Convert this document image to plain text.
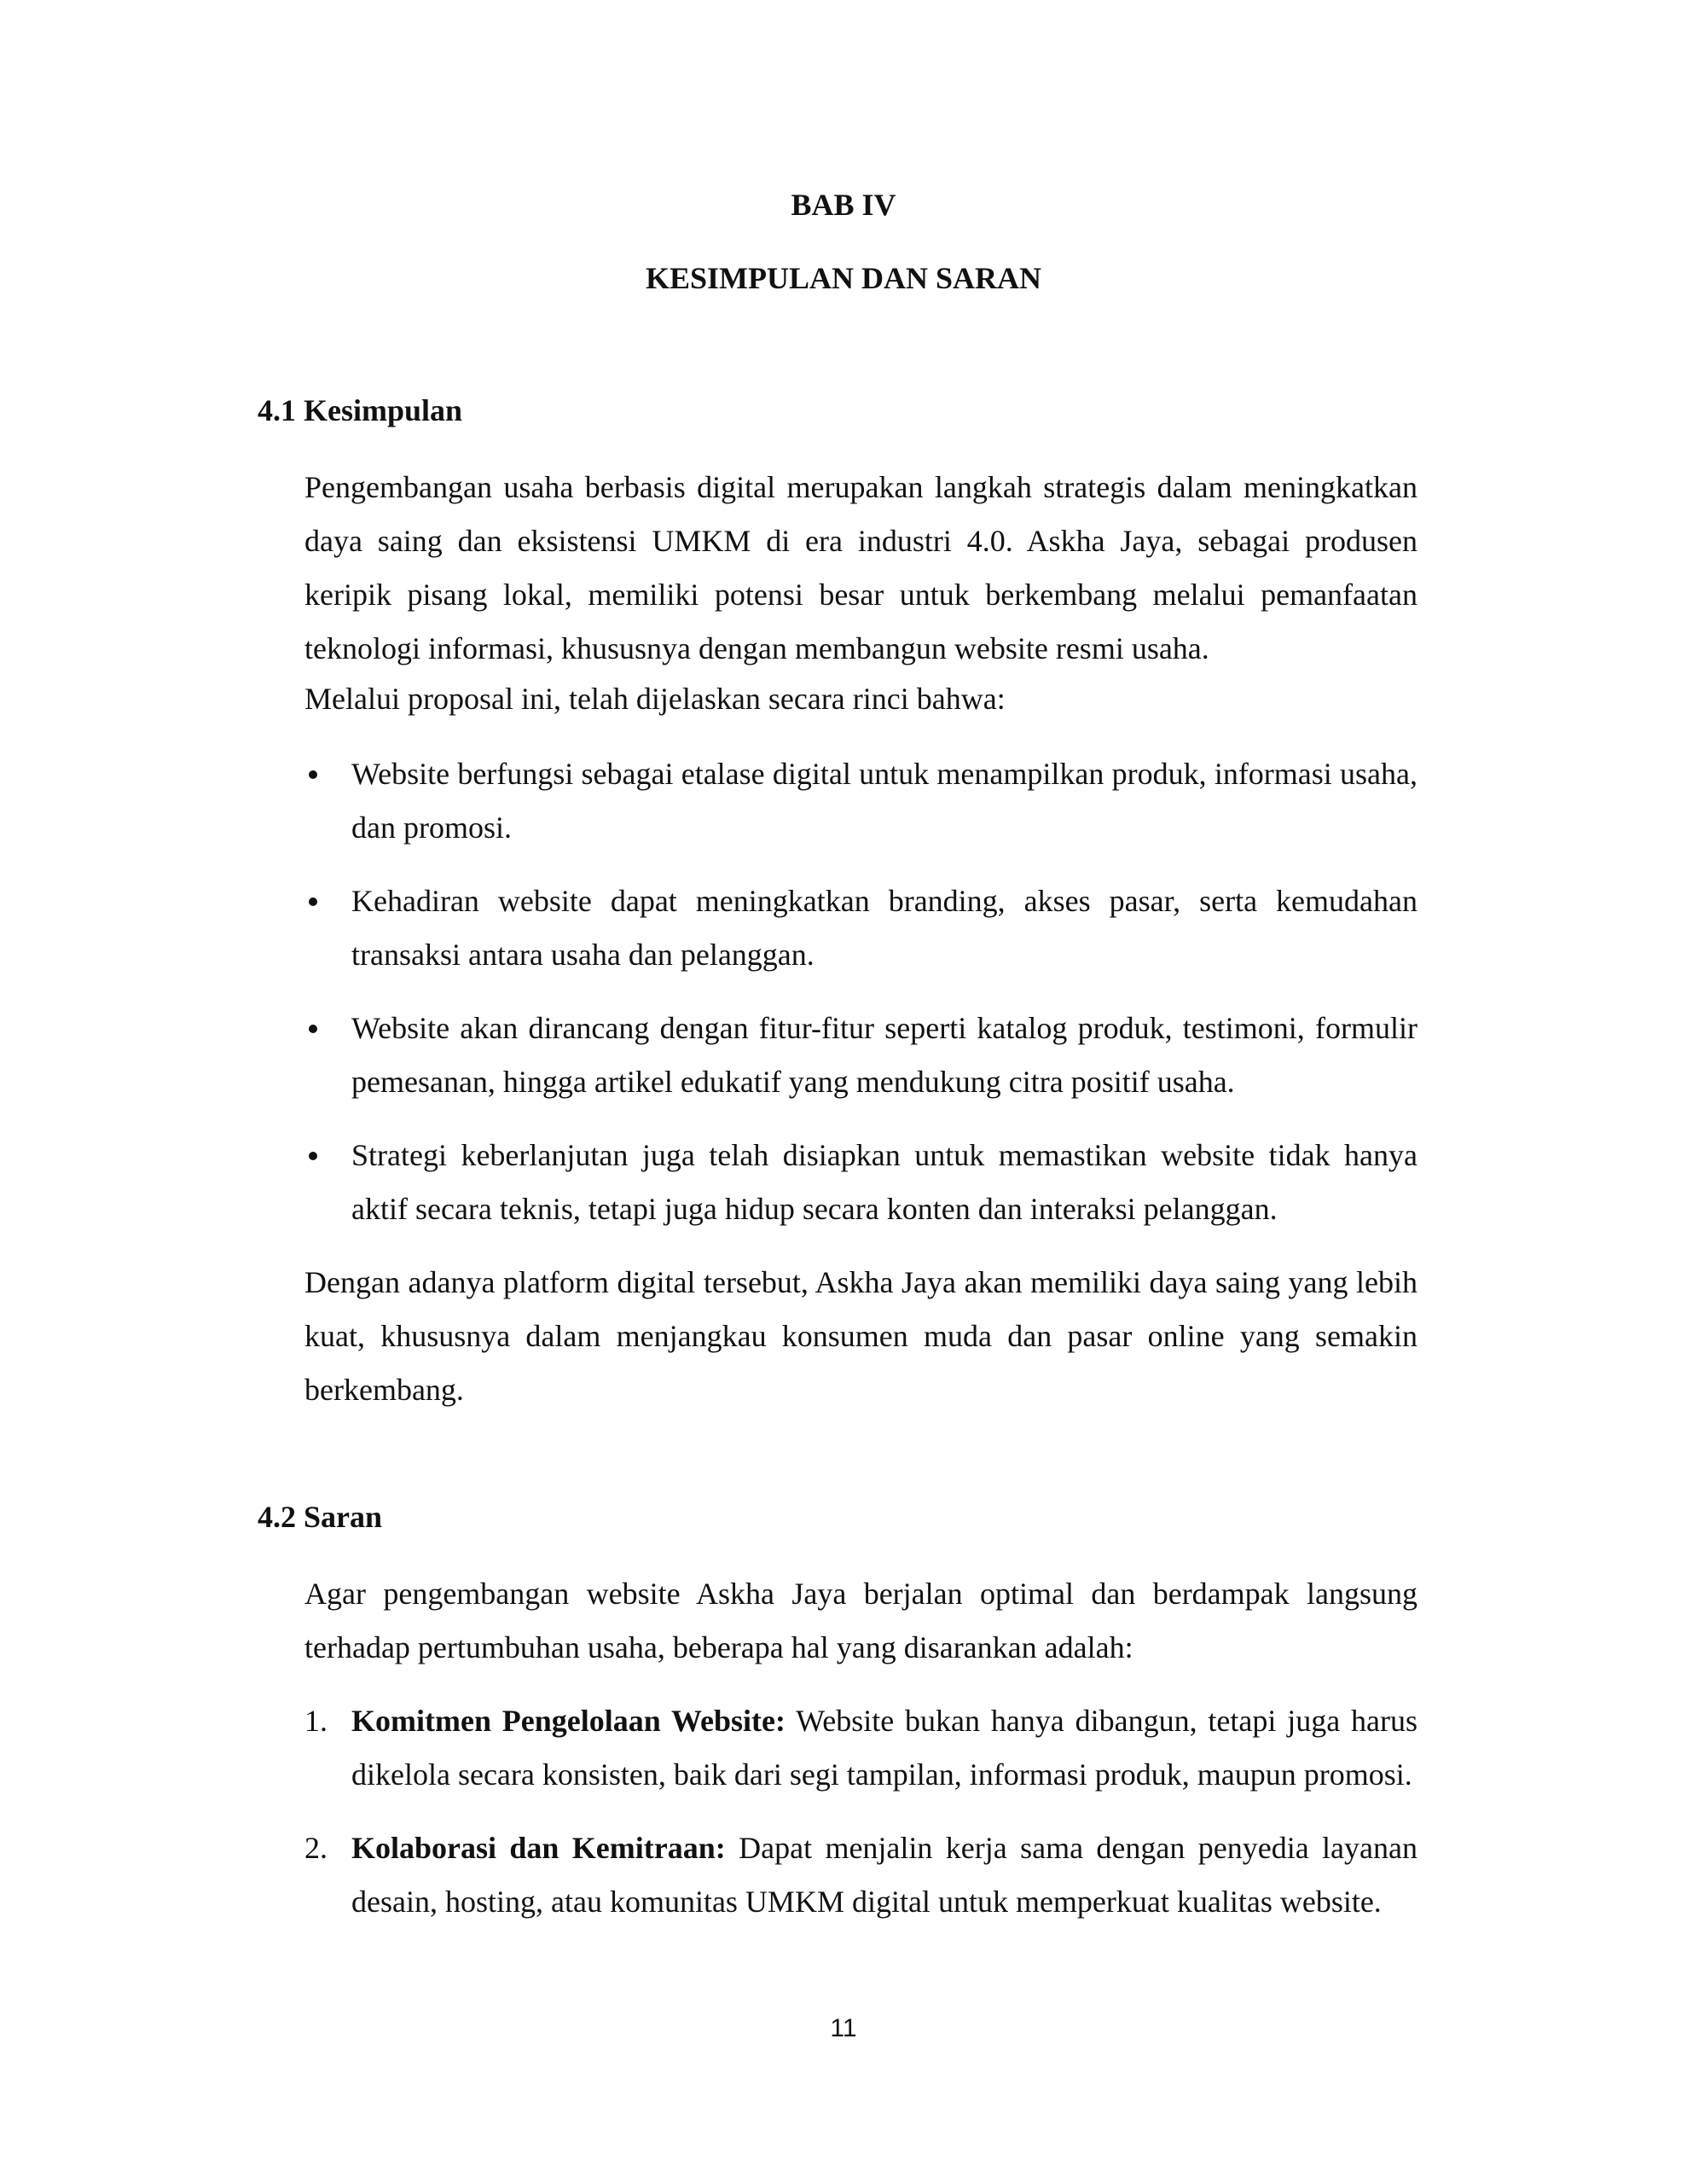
BAB IV
KESIMPULAN DAN SARAN
4.1 Kesimpulan

Pengembangan usaha berbasis digital merupakan langkah strategis dalam meningkatkan daya saing dan eksistensi UMKM di era industri 4.0. Askha Jaya, sebagai produsen keripik pisang lokal, memiliki potensi besar untuk berkembang melalui pemanfaatan teknologi informasi, khususnya dengan membangun website resmi usaha.

Melalui proposal ini, telah dijelaskan secara rinci bahwa:

Website berfungsi sebagai etalase digital untuk menampilkan produk, informasi usaha, dan promosi.

Kehadiran website dapat meningkatkan branding, akses pasar, serta kemudahan transaksi antara usaha dan pelanggan.

Website akan dirancang dengan fitur-fitur seperti katalog produk, testimoni, formulir pemesanan, hingga artikel edukatif yang mendukung citra positif usaha.

Strategi keberlanjutan juga telah disiapkan untuk memastikan website tidak hanya aktif secara teknis, tetapi juga hidup secara konten dan interaksi pelanggan.

Dengan adanya platform digital tersebut, Askha Jaya akan memiliki daya saing yang lebih kuat, khususnya dalam menjangkau konsumen muda dan pasar online yang semakin berkembang.

4.2 Saran

Agar pengembangan website Askha Jaya berjalan optimal dan berdampak langsung terhadap pertumbuhan usaha, beberapa hal yang disarankan adalah:

1. Komitmen Pengelolaan Website: Website bukan hanya dibangun, tetapi juga harus dikelola secara konsisten, baik dari segi tampilan, informasi produk, maupun promosi.

2. Kolaborasi dan Kemitraan: Dapat menjalin kerja sama dengan penyedia layanan desain, hosting, atau komunitas UMKM digital untuk memperkuat kualitas website.

11
